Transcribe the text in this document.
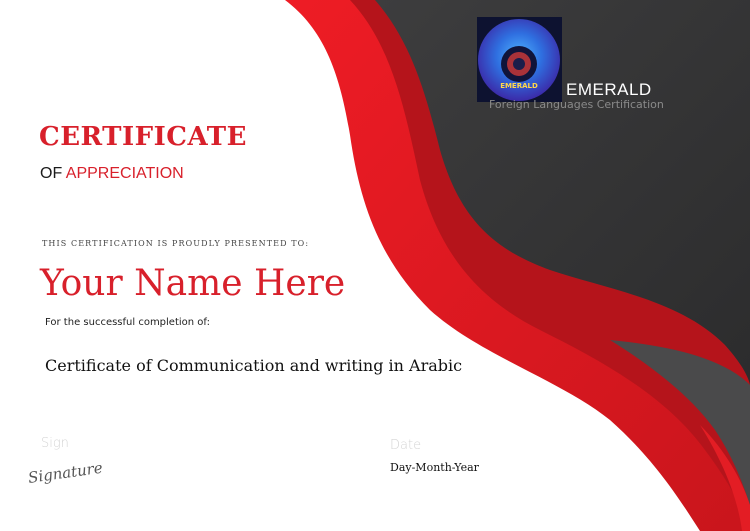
EMERALD EMERALD

Foreign Languages Certification

CERTIFICATE

OF APPRECIATION

THIS CERTIFICATION IS PROUDLY PRESENTED TO:

Your Name Here

For the successful completion of:

Certificate of Communication and writing in Arabic

Sign

Signature

Date

Day-Month-Year
